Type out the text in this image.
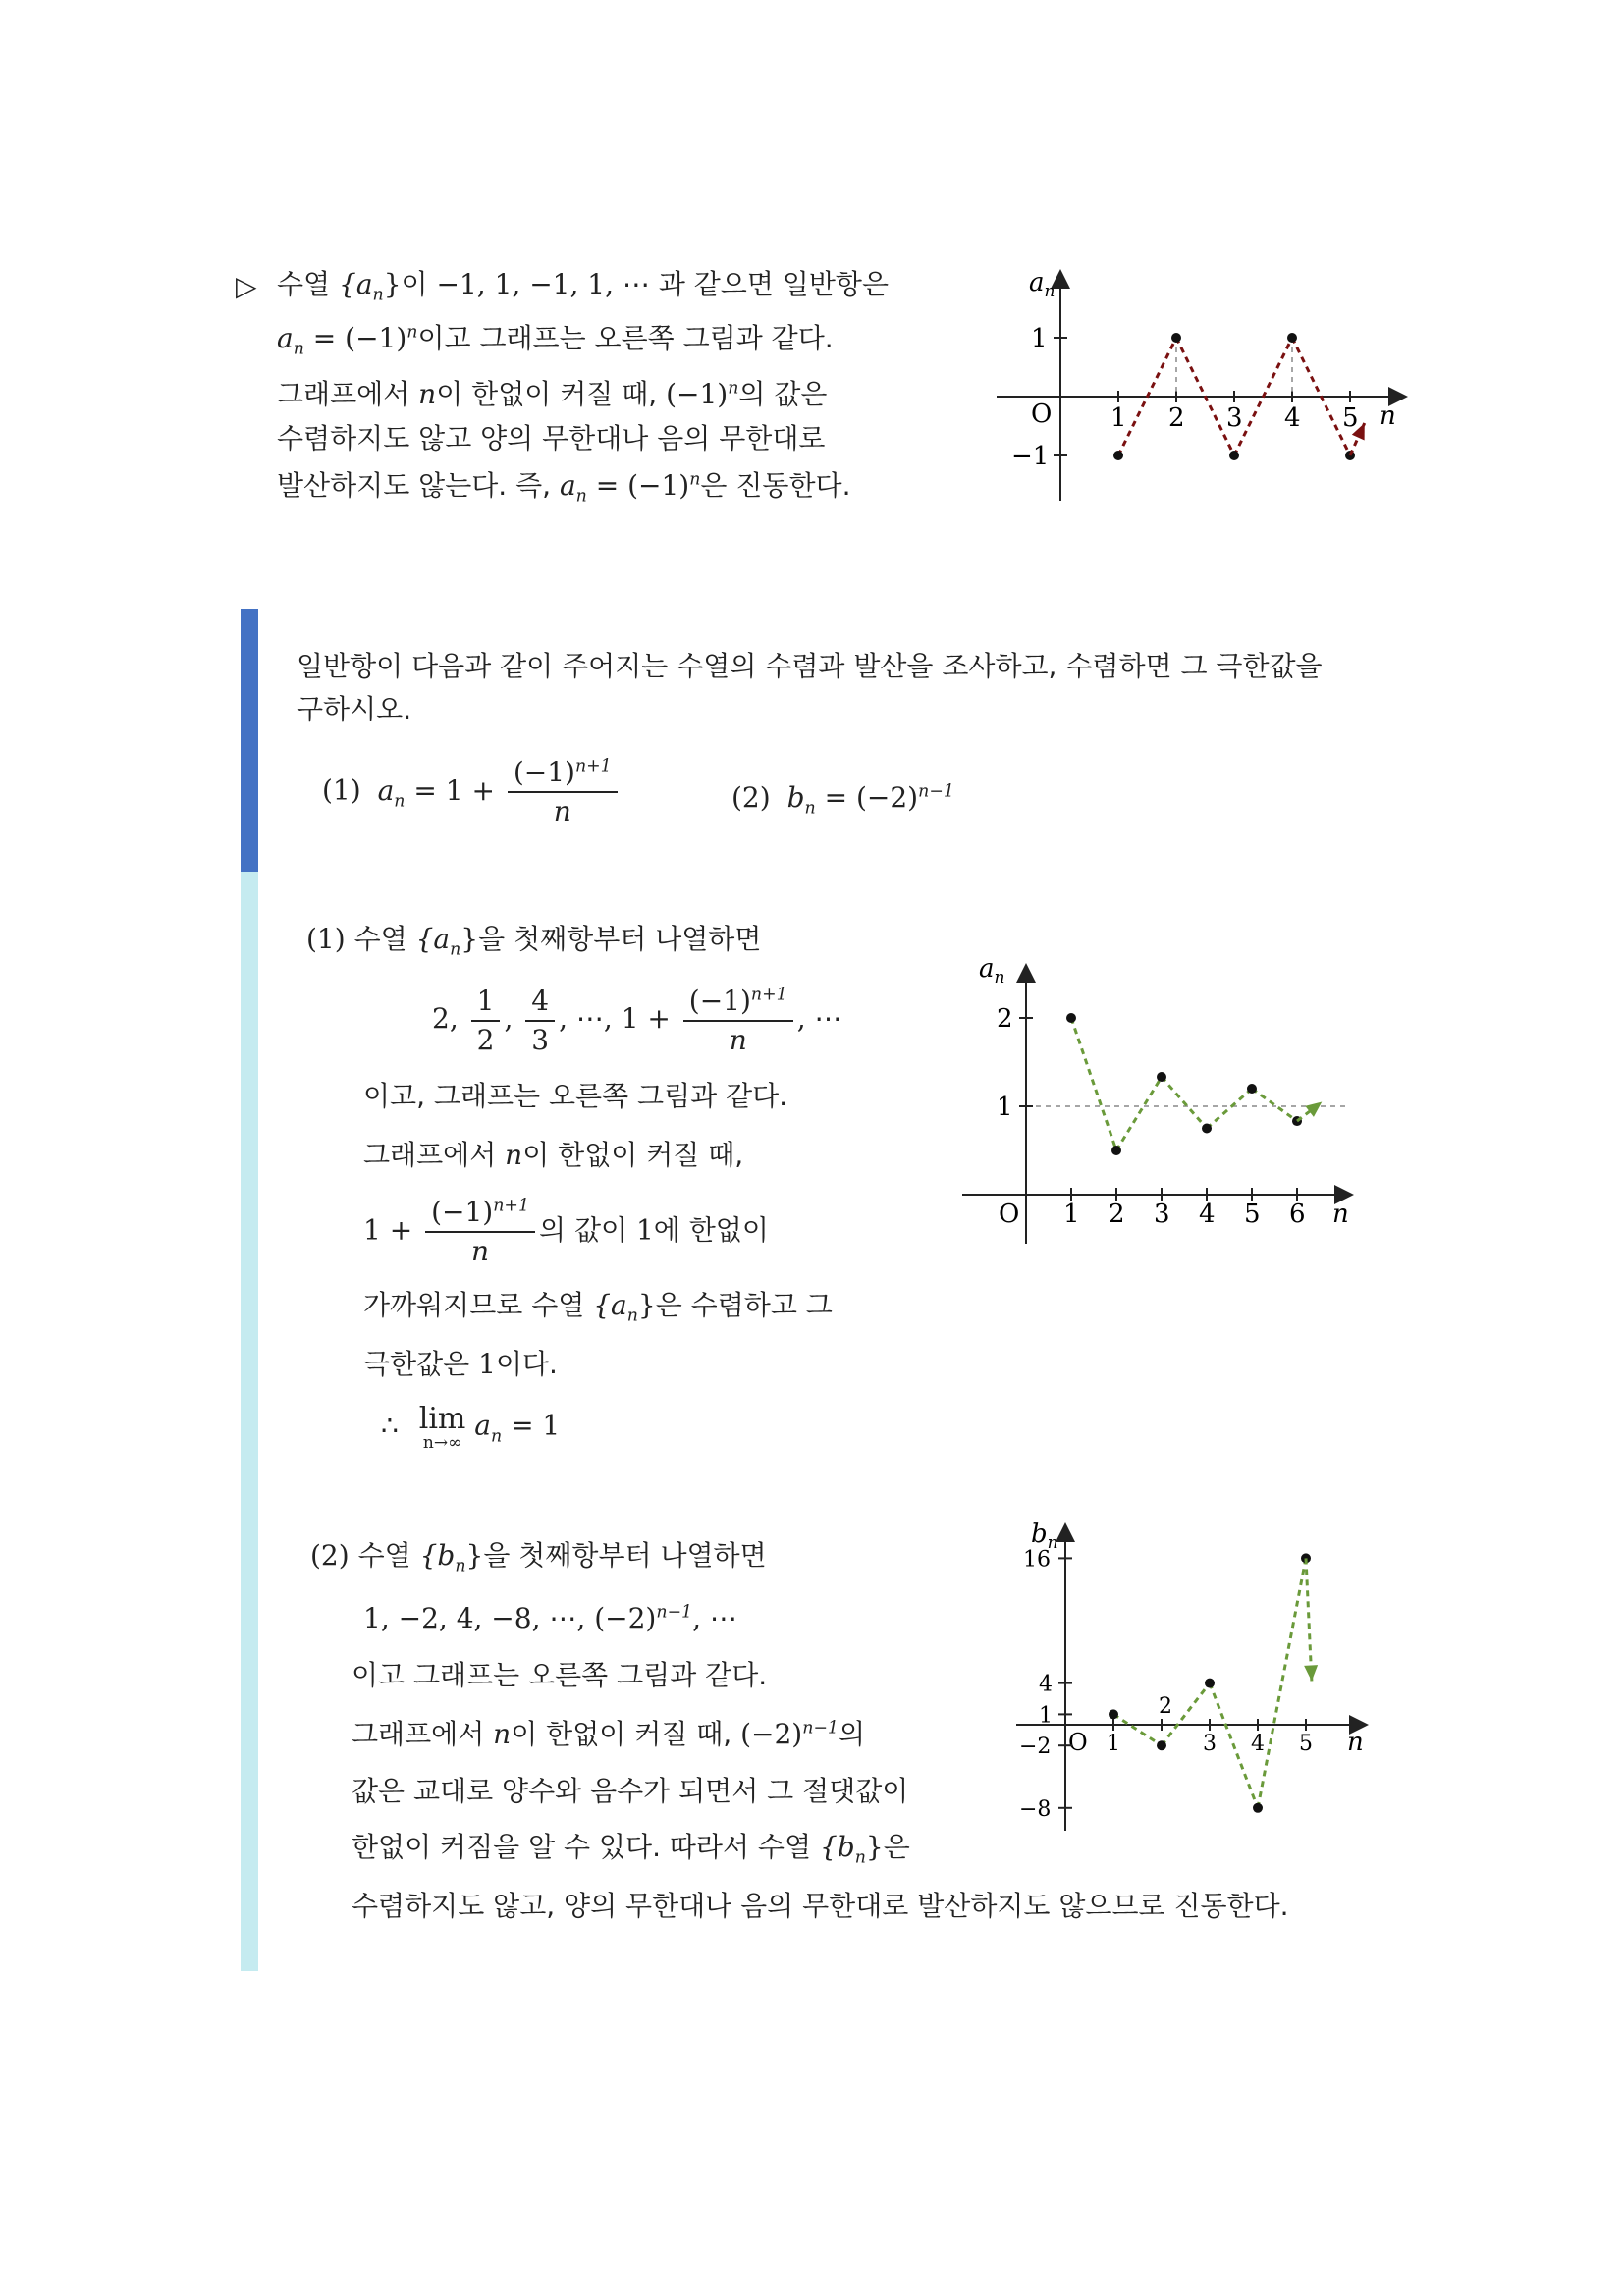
▷ 수열 $\{a_n\}$이 −1, 1, −1, 1, ⋯ 과 같으면 일반항은
$a_n = (-1)^n$이고 그래프는 오른쪽 그림과 같다.
그래프에서 n이 한없이 커질 때, $(-1)^n$의 값은
수렴하지도 않고 양의 무한대나 음의 무한대로
발산하지도 않는다. 즉, $a_n = (-1)^n$은 진동한다.
$a_n$
n
O
1
−1
1 2 3 4 5
일반항이 다음과 같이 주어지는 수열의 수렴과 발산을 조사하고, 수렴하면 그 극한값을
구하시오.
(1) $a_n = 1 + \frac{(-1)^{n+1}}{n}$	(2) $b_n = (-2)^{n-1}$
(1) 수열 $\{a_n\}$을 첫째항부터 나열하면
2, $\frac{1}{2}$ , $\frac{4}{3}$ , ⋯, $1 + \frac{(-1)^{n+1}}{n}$ , ⋯
이고, 그래프는 오른쪽 그림과 같다.
그래프에서 n이 한없이 커질 때,
$1 + \frac{(-1)^{n+1}}{n}$ 의 값이 1에 한없이
가까워지므로 수열 $\{a_n\}$은 수렴하고 그
극한값은 1이다.
∴ lim
n→∞
$a_n = 1$
$a_n$
n
O
2
1
1 2 3 4 5 6
(2) 수열 $\{b_n\}$을 첫째항부터 나열하면
1, −2, 4, −8, ⋯, $(-2)^{n-1}$, ⋯
이고 그래프는 오른쪽 그림과 같다.
그래프에서 n이 한없이 커질 때, $(-2)^{n-1}$의
값은 교대로 양수와 음수가 되면서 그 절댓값이
한없이 커짐을 알 수 있다. 따라서 수열 $\{b_n\}$은
수렴하지도 않고, 양의 무한대나 음의 무한대로 발산하지도 않으므로 진동한다.
$b_n$
n
O
2
16
4
1
−2
−8
1	3 4 5
